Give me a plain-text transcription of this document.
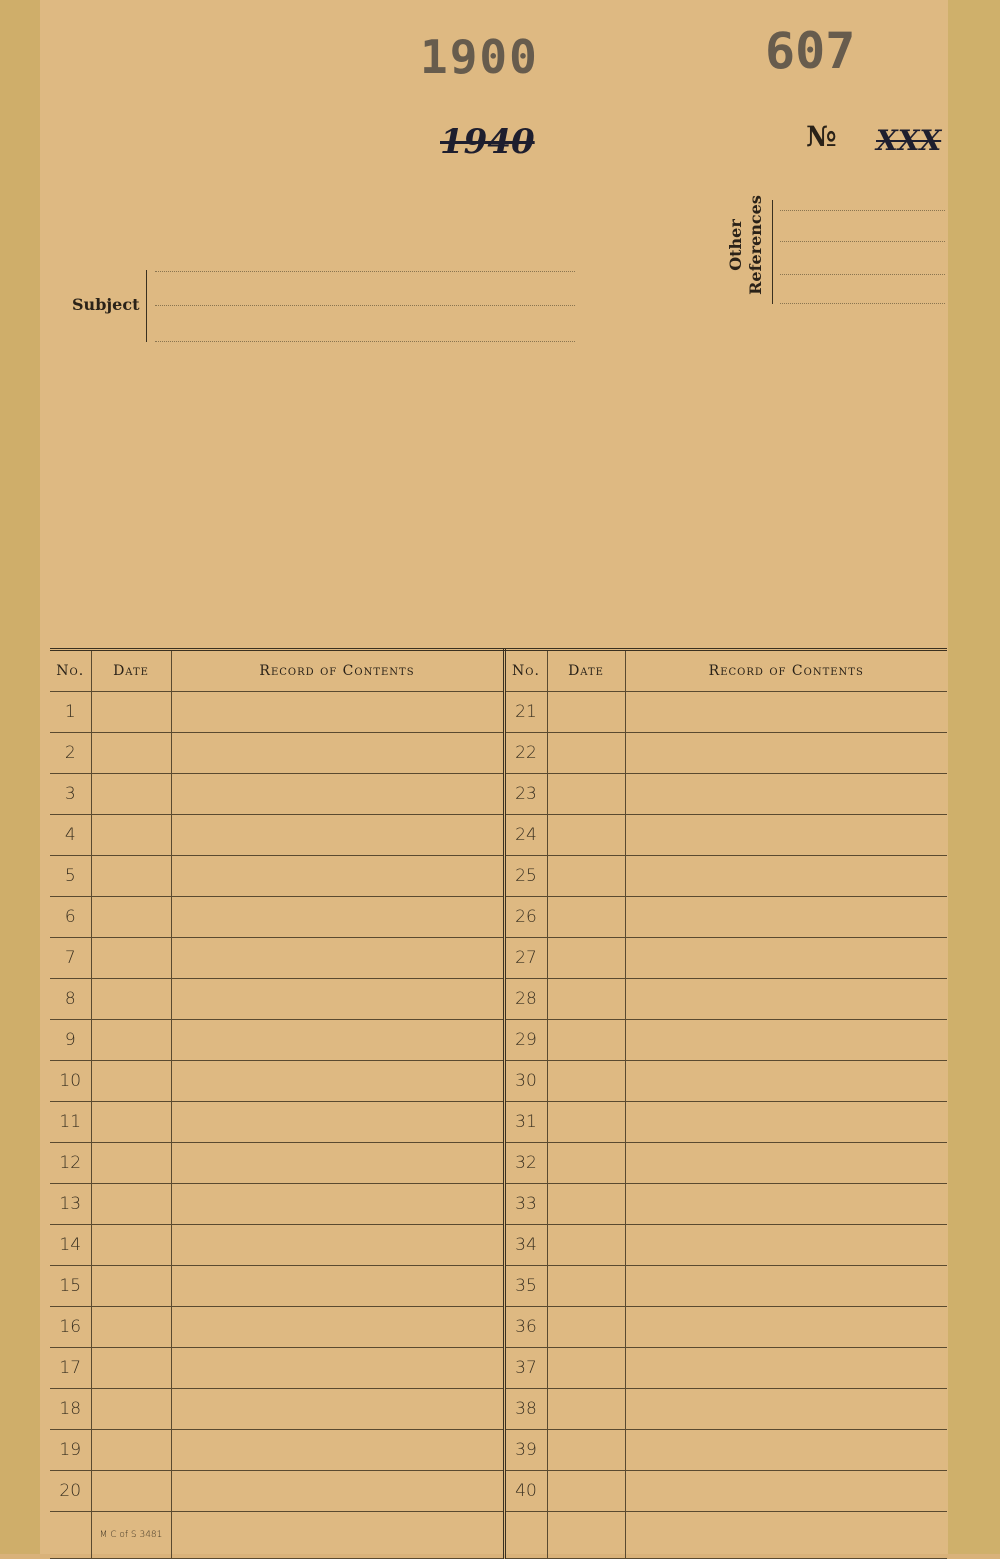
1900	607
1940	№ XXX
Subject
Other References
No.	Date	Record of Contents	No.	Date	Record of Contents
1			21		
2			22		
3			23		
4			24		
5			25		
6			26		
7			27		
8			28		
9			29		
10			30		
11			31		
12			32		
13			33		
14			34		
15			35		
16			36		
17			37		
18			38		
19			39		
20			40		
	M C of S 3481				
